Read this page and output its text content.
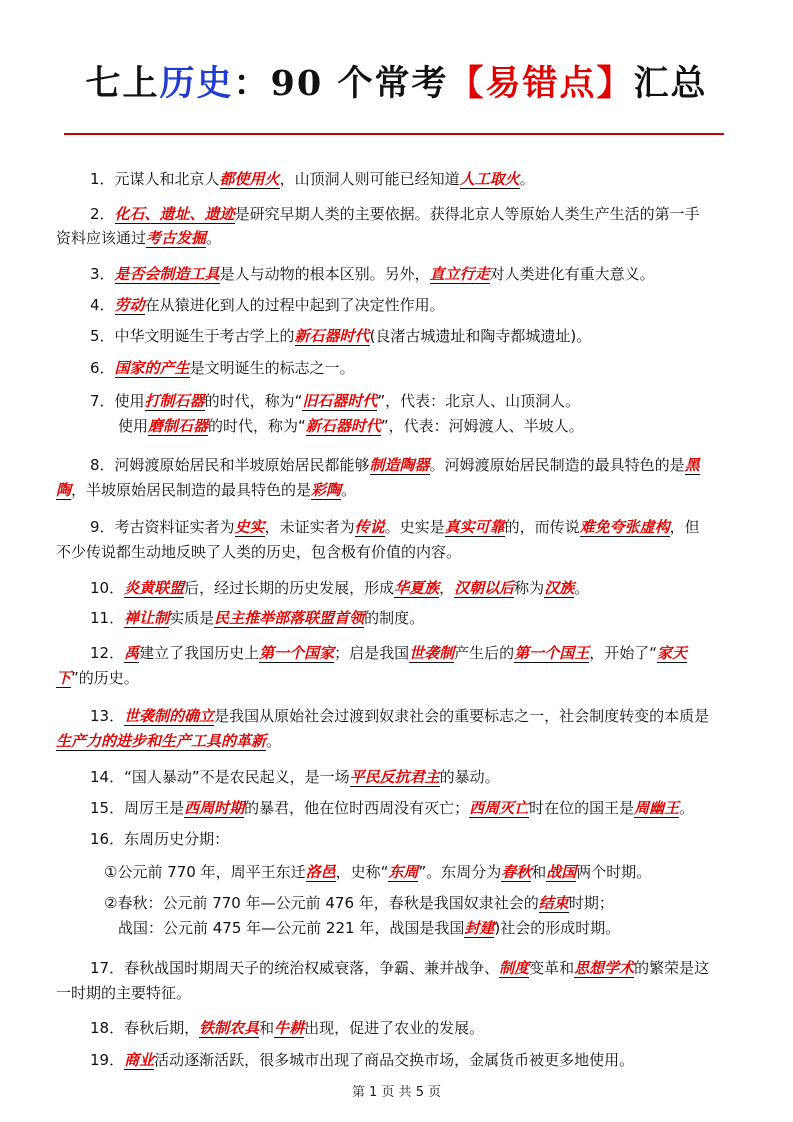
七上历史：90 个常考【易错点】汇总
1．元谋人和北京人都使用火，山顶洞人则可能已经知道人工取火。
2．化石、遗址、遗迹是研究早期人类的主要依据。获得北京人等原始人类生产生活的第一手
资料应该通过考古发掘。
3．是否会制造工具是人与动物的根本区别。另外，直立行走对人类进化有重大意义。
4．劳动在从猿进化到人的过程中起到了决定性作用。
5．中华文明诞生于考古学上的新石器时代(良渚古城遗址和陶寺都城遗址)。
6．国家的产生是文明诞生的标志之一。
7．使用打制石器的时代，称为“旧石器时代”，代表：北京人、山顶洞人。
使用磨制石器的时代，称为“新石器时代”，代表：河姆渡人、半坡人。
8．河姆渡原始居民和半坡原始居民都能够制造陶器。河姆渡原始居民制造的最具特色的是黑
陶，半坡原始居民制造的最具特色的是彩陶。
9．考古资料证实者为史实，未证实者为传说。史实是真实可靠的，而传说难免夸张虚构，但
不少传说都生动地反映了人类的历史，包含极有价值的内容。
10．炎黄联盟后，经过长期的历史发展，形成华夏族，汉朝以后称为汉族。
11．禅让制实质是民主推举部落联盟首领的制度。
12．禹建立了我国历史上第一个国家；启是我国世袭制产生后的第一个国王，开始了“家天
下”的历史。
13．世袭制的确立是我国从原始社会过渡到奴隶社会的重要标志之一，社会制度转变的本质是
生产力的进步和生产工具的革新。
14．“国人暴动”不是农民起义，是一场平民反抗君主的暴动。
15．周厉王是西周时期的暴君，他在位时西周没有灭亡；西周灭亡时在位的国王是周幽王。
16．东周历史分期：
①公元前 770 年，周平王东迁洛邑，史称“东周”。东周分为春秋和战国两个时期。
②春秋：公元前 770 年—公元前 476 年，春秋是我国奴隶社会的结束时期；
战国：公元前 475 年—公元前 221 年，战国是我国封建)社会的形成时期。
17．春秋战国时期周天子的统治权威衰落，争霸、兼并战争、制度变革和思想学术的繁荣是这
一时期的主要特征。
18．春秋后期，铁制农具和牛耕出现，促进了农业的发展。
19．商业活动逐渐活跃，很多城市出现了商品交换市场，金属货币被更多地使用。
第 1 页 共 5 页
